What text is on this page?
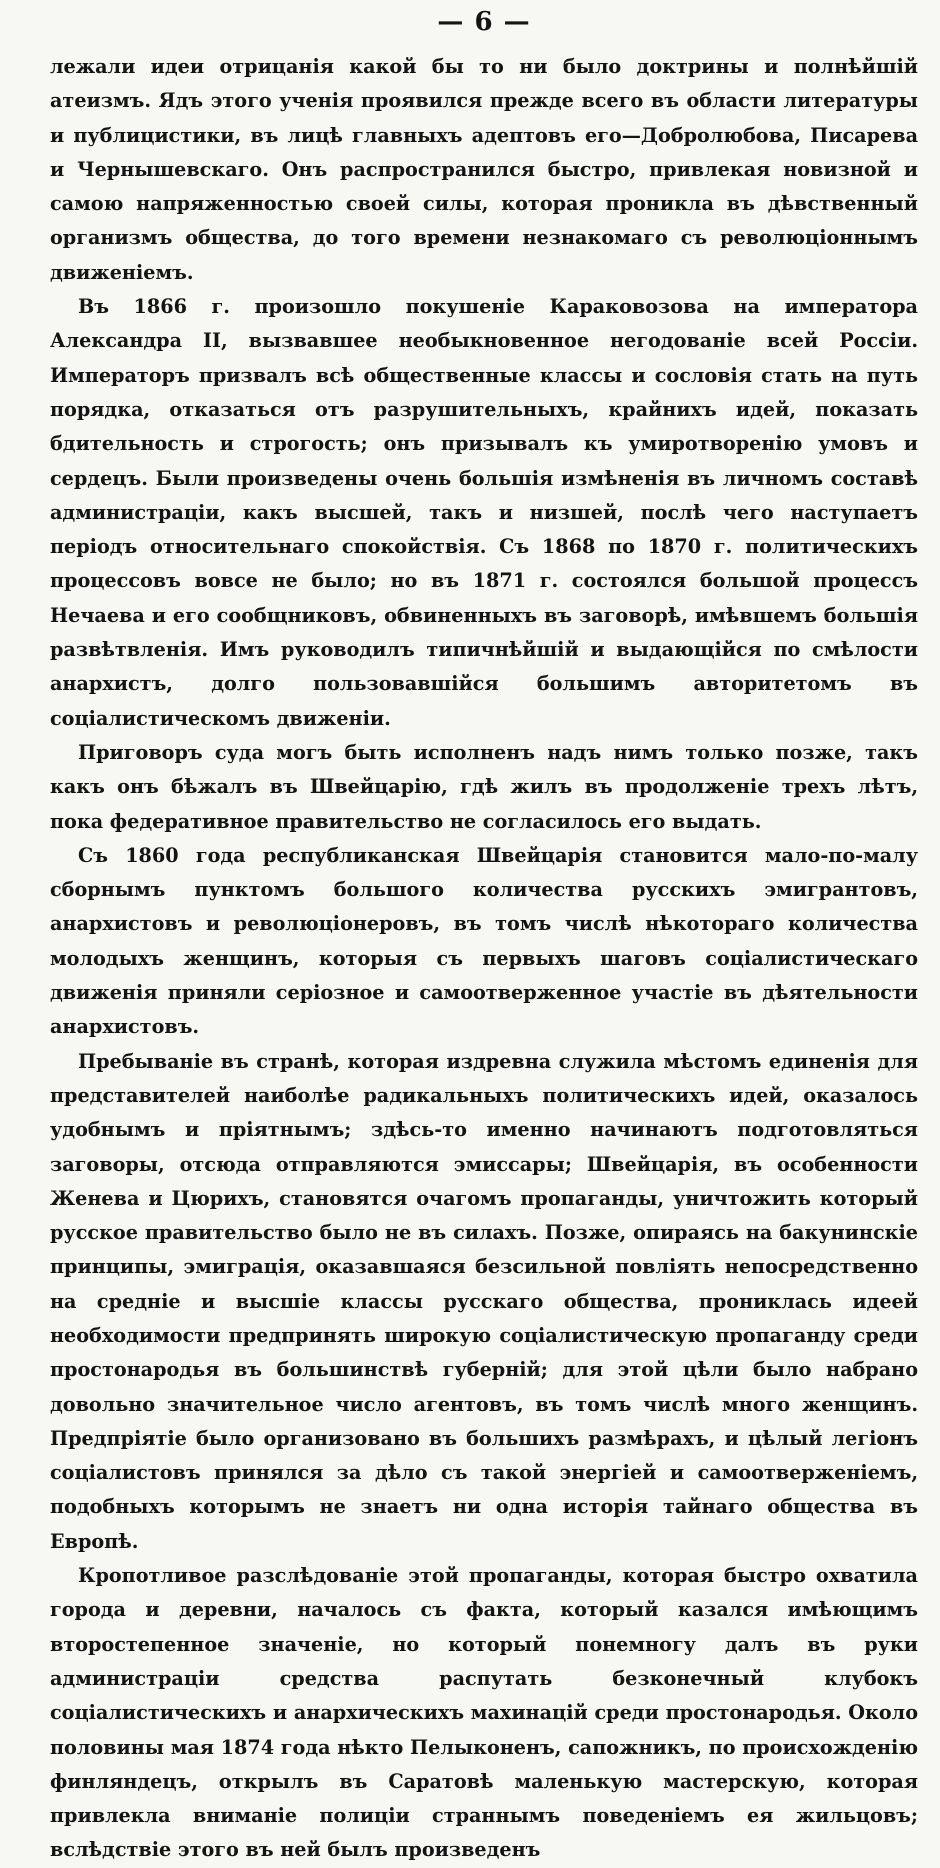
— 6 —

лежали идеи отрицанія какой бы то ни было доктрины и полнѣйшій атеизмъ. Ядъ этого ученія проявился прежде всего въ области литературы и публицистики, въ лицѣ главныхъ адептовъ его—Добролюбова, Писарева и Чернышевскаго. Онъ распространился быстро, привлекая новизной и самою напряженностью своей силы, которая проникла въ дѣвственный организмъ общества, до того времени незнакомаго съ революціоннымъ движеніемъ.

Въ 1866 г. произошло покушеніе Караковозова на императора Александра II, вызвавшее необыкновенное негодованіе всей Россіи. Императоръ призвалъ всѣ общественные классы и сословія стать на путь порядка, отказаться отъ разрушительныхъ, крайнихъ идей, показать бдительность и строгость; онъ призывалъ къ умиротворенію умовъ и сердецъ. Были произведены очень большія измѣненія въ личномъ составѣ администраціи, какъ высшей, такъ и низшей, послѣ чего наступаетъ періодъ относительнаго спокойствія. Съ 1868 по 1870 г. политическихъ процессовъ вовсе не было; но въ 1871 г. состоялся большой процессъ Нечаева и его сообщниковъ, обвиненныхъ въ заговорѣ, имѣвшемъ большія развѣтвленія. Имъ руководилъ типичнѣйшій и выдающійся по смѣлости анархистъ, долго пользовавшійся большимъ авторитетомъ въ соціалистическомъ движеніи.

Приговоръ суда могъ быть исполненъ надъ нимъ только позже, такъ какъ онъ бѣжалъ въ Швейцарію, гдѣ жилъ въ продолженіе трехъ лѣтъ, пока федеративное правительство не согласилось его выдать.

Съ 1860 года республиканская Швейцарія становится мало-по-малу сборнымъ пунктомъ большого количества русскихъ эмигрантовъ, анархистовъ и революціонеровъ, въ томъ числѣ нѣкотораго количества молодыхъ женщинъ, которыя съ первыхъ шаговъ соціалистическаго движенія приняли серіозное и самоотверженное участіе въ дѣятельности анархистовъ.

Пребываніе въ странѣ, которая издревна служила мѣстомъ единенія для представителей наиболѣе радикальныхъ политическихъ идей, оказалось удобнымъ и пріятнымъ; здѣсь-то именно начинаютъ подготовляться заговоры, отсюда отправляются эмиссары; Швейцарія, въ особенности Женева и Цюрихъ, становятся очагомъ пропаганды, уничтожить который русское правительство было не въ силахъ. Позже, опираясь на бакунинскіе принципы, эмиграція, оказавшаяся безсильной повліять непосредственно на средніе и высшіе классы русскаго общества, прониклась идеей необходимости предпринять широкую соціалистическую пропаганду среди простонародья въ большинствѣ губерній; для этой цѣли было набрано довольно значительное число агентовъ, въ томъ числѣ много женщинъ. Предпріятіе было организовано въ большихъ размѣрахъ, и цѣлый легіонъ соціалистовъ принялся за дѣло съ такой энергіей и самоотверженіемъ, подобныхъ которымъ не знаетъ ни одна исторія тайнаго общества въ Европѣ.

Кропотливое разслѣдованіе этой пропаганды, которая быстро охватила города и деревни, началось съ факта, который казался имѣющимъ второстепенное значеніе, но который понемногу далъ въ руки администраціи средства распутать безконечный клубокъ соціалистическихъ и анархическихъ махинацій среди простонародья. Около половины мая 1874 года нѣкто Пелыконенъ, сапожникъ, по происхожденію финляндецъ, открылъ въ Саратовѣ маленькую мастерскую, которая привлекла вниманіе полиціи страннымъ поведеніемъ ея жильцовъ; вслѣдствіе этого въ ней былъ произведенъ
